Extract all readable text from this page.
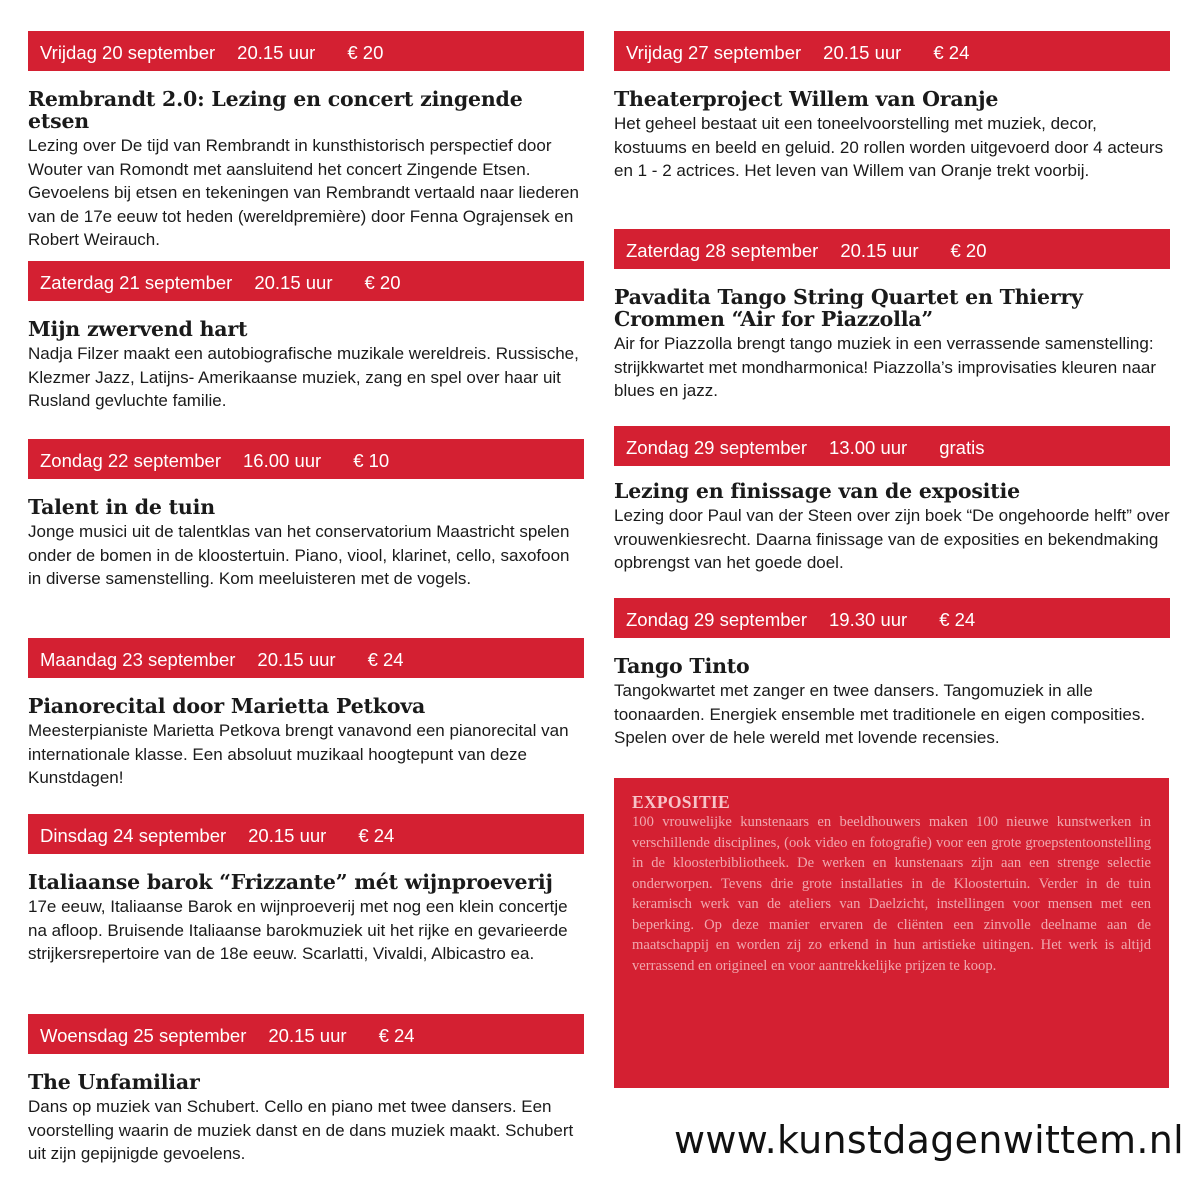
Vrijdag 20 september 20.15 uur € 20
Rembrandt 2.0: Lezing en concert zingende etsen

Lezing over De tijd van Rembrandt in kunsthistorisch perspectief door Wouter van Romondt met aansluitend het concert Zingende Etsen. Gevoelens bij etsen en tekeningen van Rembrandt vertaald naar liederen van de 17e eeuw tot heden (wereldpremière) door Fenna Ograjensek en Robert Weirauch.

Zaterdag 21 september 20.15 uur € 20
Mijn zwervend hart

Nadja Filzer maakt een autobiografische muzikale wereldreis. Russische, Klezmer Jazz, Latijns- Amerikaanse muziek, zang en spel over haar uit Rusland gevluchte familie.

Zondag 22 september 16.00 uur € 10
Talent in de tuin

Jonge musici uit de talentklas van het conservatorium Maastricht spelen onder de bomen in de kloostertuin. Piano, viool, klarinet, cello, saxofoon in diverse samenstelling. Kom meeluisteren met de vogels.

Maandag 23 september 20.15 uur € 24
Pianorecital door Marietta Petkova

Meesterpianiste Marietta Petkova brengt vanavond een pianorecital van internationale klasse. Een absoluut muzikaal hoogtepunt van deze Kunstdagen!

Dinsdag 24 september 20.15 uur € 24
Italiaanse barok “Frizzante” mét wijnproeverij

17e eeuw, Italiaanse Barok en wijnproeverij met nog een klein concertje na afloop. Bruisende Italiaanse barokmuziek uit het rijke en gevarieerde strijkersrepertoire van de 18e eeuw. Scarlatti, Vivaldi, Albicastro ea.

Woensdag 25 september 20.15 uur € 24
The Unfamiliar

Dans op muziek van Schubert. Cello en piano met twee dansers. Een voorstelling waarin de muziek danst en de dans muziek maakt. Schubert uit zijn gepijnigde gevoelens.

Vrijdag 27 september 20.15 uur € 24
Theaterproject Willem van Oranje

Het geheel bestaat uit een toneelvoorstelling met muziek, decor, kostuums en beeld en geluid. 20 rollen worden uitgevoerd door 4 acteurs en 1 - 2 actrices. Het leven van Willem van Oranje trekt voorbij.

Zaterdag 28 september 20.15 uur € 20
Pavadita Tango String Quartet en Thierry Crommen “Air for Piazzolla”

Air for Piazzolla brengt tango muziek in een verrassende samenstelling: strijkkwartet met mondharmonica! Piazzolla’s improvisaties kleuren naar blues en jazz.

Zondag 29 september 13.00 uur gratis
Lezing en finissage van de expositie

Lezing door Paul van der Steen over zijn boek “De ongehoorde helft” over vrouwenkiesrecht. Daarna finissage van de exposities en bekendmaking opbrengst van het goede doel.

Zondag 29 september 19.30 uur € 24
Tango Tinto

Tangokwartet met zanger en twee dansers. Tangomuziek in alle toonaarden. Energiek ensemble met traditionele en eigen composities. Spelen over de hele wereld met lovende recensies.

EXPOSITIE

100 vrouwelijke kunstenaars en beeldhouwers maken 100 nieuwe kunstwerken in verschillende disciplines, (ook video en fotografie) voor een grote groepstentoonstelling in de kloosterbibliotheek. De werken en kunstenaars zijn aan een strenge selectie onderworpen. Tevens drie grote installaties in de Kloostertuin. Verder in de tuin keramisch werk van de ateliers van Daelzicht, instellingen voor mensen met een beperking. Op deze manier ervaren de cliënten een zinvolle deelname aan de maatschappij en worden zij zo erkend in hun artistieke uitingen. Het werk is altijd verrassend en origineel en voor aantrekkelijke prijzen te koop.

www.kunstdagenwittem.nl
